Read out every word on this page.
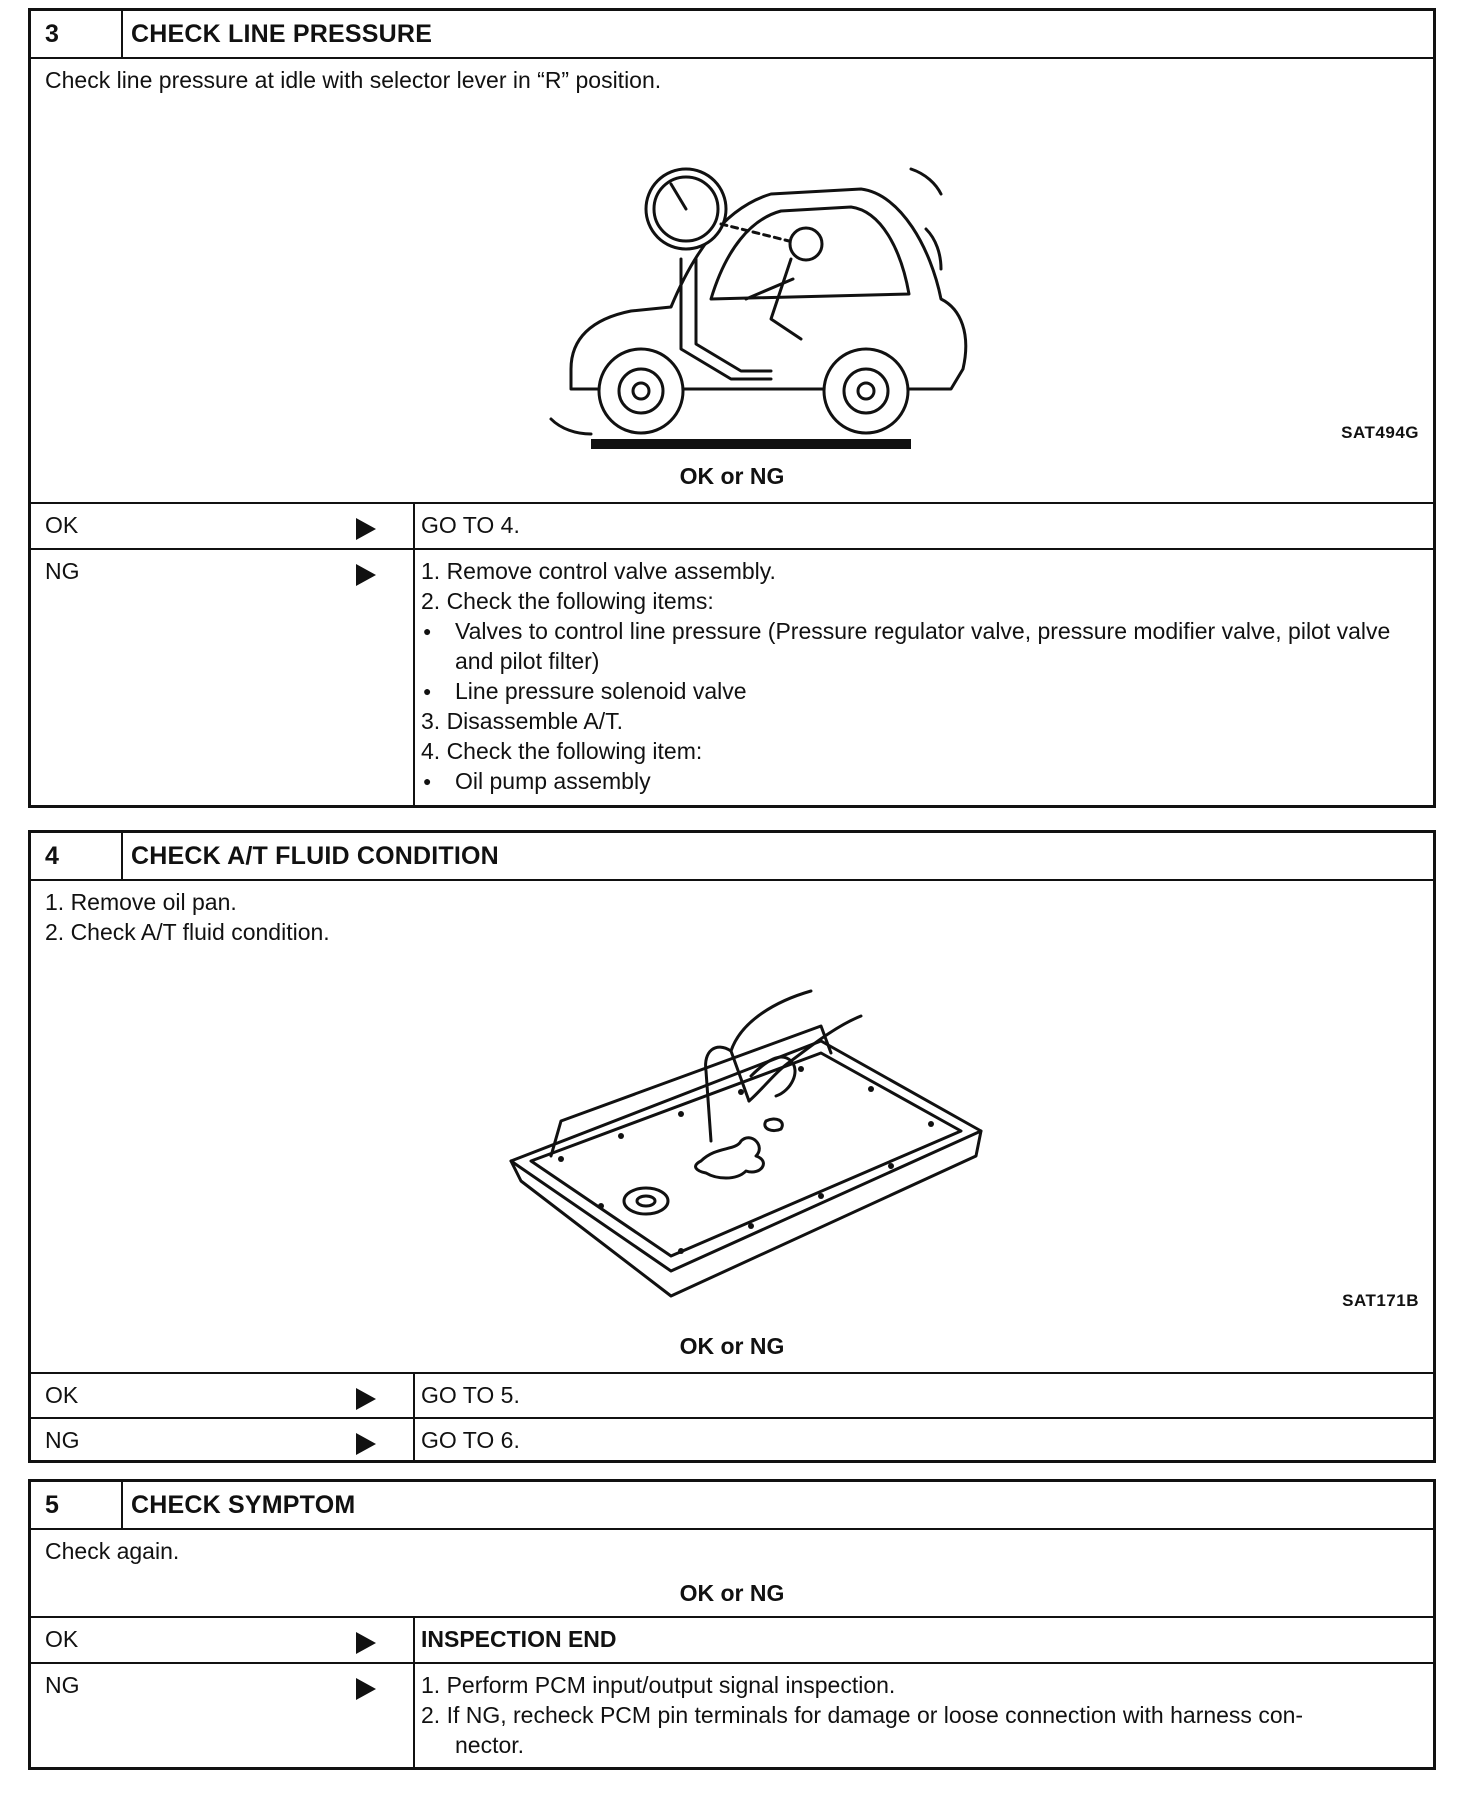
3	CHECK LINE PRESSURE

Check line pressure at idle with selector lever in “R” position.

SAT494G
OK or NG
OK	GO TO 4.
NG	1. Remove control valve assembly.

2. Check the following items:

● Valves to control line pressure (Pressure regulator valve, pressure modifier valve, pilot valve and pilot filter)

● Line pressure solenoid valve

3. Disassemble A/T.

4. Check the following item:

● Oil pump assembly

4	CHECK A/T FLUID CONDITION

1. Remove oil pan.

2. Check A/T fluid condition.

SAT171B
OK or NG
OK	GO TO 5.
NG	GO TO 6.
5	CHECK SYMPTOM

Check again.

OK or NG
OK	INSPECTION END
NG	1. Perform PCM input/output signal inspection.

2. If NG, recheck PCM pin terminals for damage or loose connection with harness con-

nector.
